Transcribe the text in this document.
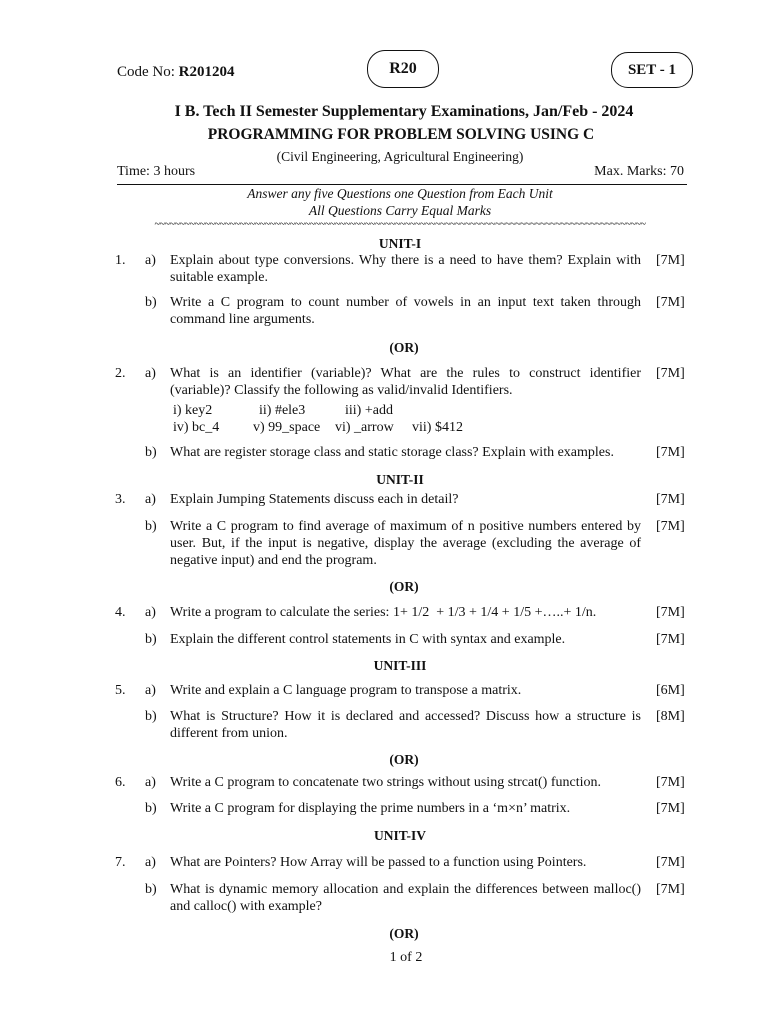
Code No: R201204	R20	SET - 1
I B. Tech II Semester Supplementary Examinations, Jan/Feb - 2024
PROGRAMMING FOR PROBLEM SOLVING USING C
(Civil Engineering, Agricultural Engineering)
Time: 3 hours	Max. Marks: 70
Answer any five Questions one Question from Each Unit
All Questions Carry Equal Marks
~~~~~~~~~~~~~~~~~~~~~~~~~~~~~~~~~~~~~~~~~~~~~~~~~~~~~~~~~~~~~~~~~~~~~~~~~~~~~~~~~~~~~~~~~~~~~~~~~~
UNIT-I
1. a) Explain about type conversions. Why there is a need to have them? Explain with suitable example.
[7M]
b) Write a C program to count number of vowels in an input text taken through command line arguments.
[7M]
(OR)
2. a) What is an identifier (variable)? What are the rules to construct identifier (variable)? Classify the following as valid/invalid Identifiers.
[7M]
i) key2	ii) #ele3	iii) +add
iv) bc_4 v) 99_space vi) _arrow vii) $412
b) What are register storage class and static storage class? Explain with examples.	[7M]
UNIT-II
3. a) Explain Jumping Statements discuss each in detail?	[7M]
b) Write a C program to find average of maximum of n positive numbers entered by user. But, if the input is negative, display the average (excluding the average of negative input) and end the program.
[7M]
(OR)
4. a) Write a program to calculate the series: 1+ 1/2  + 1/3 + 1/4 + 1/5 +…..+ 1/n.	[7M]
b) Explain the different control statements in C with syntax and example.	[7M]
UNIT-III
5. a) Write and explain a C language program to transpose a matrix.	[6M]
b) What is Structure? How it is declared and accessed? Discuss how a structure is different from union.
[8M]
(OR)
6. a) Write a C program to concatenate two strings without using strcat() function.	[7M]
b) Write a C program for displaying the prime numbers in a ‘m×n’ matrix.	[7M]
UNIT-IV
7. a) What are Pointers? How Array will be passed to a function using Pointers.	[7M]
b) What is dynamic memory allocation and explain the differences between malloc() and calloc() with example?
[7M]
(OR)
1 of 2
